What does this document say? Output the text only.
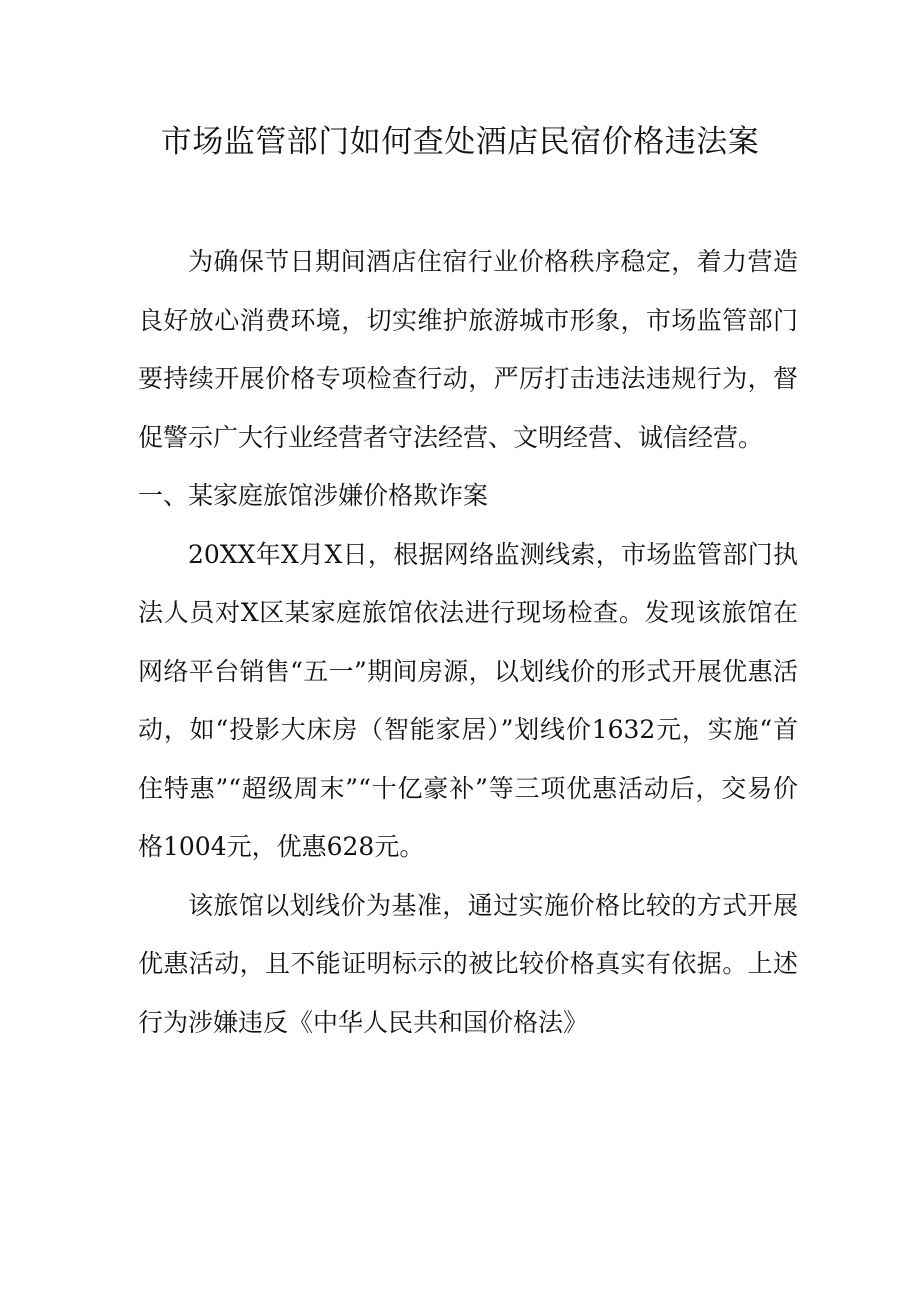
市场监管部门如何查处酒店民宿价格违法案

为确保节日期间酒店住宿行业价格秩序稳定，着力营造良好放心消费环境，切实维护旅游城市形象，市场监管部门要持续开展价格专项检查行动，严厉打击违法违规行为，督促警示广大行业经营者守法经营、文明经营、诚信经营。

一、某家庭旅馆涉嫌价格欺诈案

20XX年X月X日，根据网络监测线索，市场监管部门执法人员对X区某家庭旅馆依法进行现场检查。发现该旅馆在网络平台销售“五一”期间房源，以划线价的形式开展优惠活动，如“投影大床房（智能家居）”划线价1632元，实施“首住特惠”“超级周末”“十亿豪补”等三项优惠活动后，交易价格1004元，优惠628元。

该旅馆以划线价为基准，通过实施价格比较的方式开展优惠活动，且不能证明标示的被比较价格真实有依据。上述行为涉嫌违反《中华人民共和国价格法》
